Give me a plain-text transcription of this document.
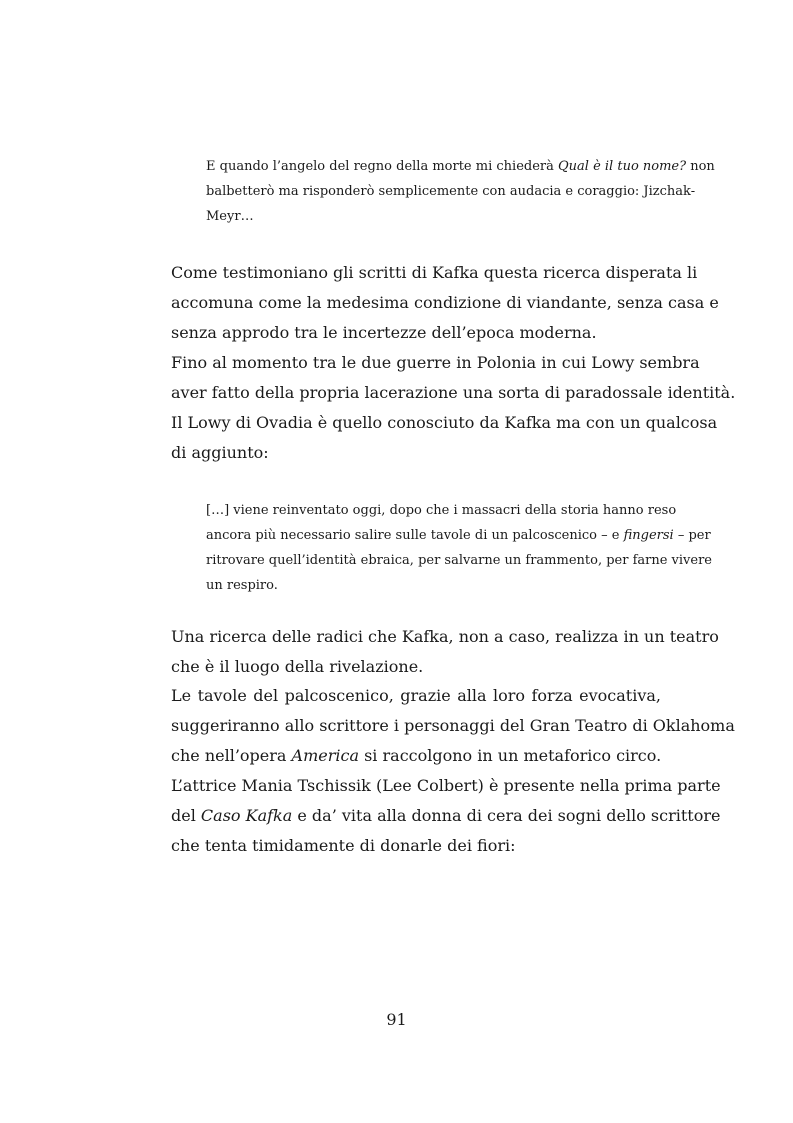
E quando l’angelo del regno della morte mi chiederà Qual è il tuo nome? non
balbetterò ma risponderò semplicemente con audacia e coraggio: Jizchak-
Meyr…
Come testimoniano gli scritti di Kafka questa ricerca disperata li
accomuna come la medesima condizione di viandante, senza casa e
senza approdo tra le incertezze dell’epoca moderna.
Fino al momento tra le due guerre in Polonia in cui Lowy sembra
aver fatto della propria lacerazione una sorta di paradossale identità.
Il Lowy di Ovadia è quello conosciuto da Kafka ma con un qualcosa
di aggiunto:
[…] viene reinventato oggi, dopo che i massacri della storia hanno reso
ancora più necessario salire sulle tavole di un palcoscenico – e fingersi – per
ritrovare quell’identità ebraica, per salvarne un frammento, per farne vivere
un respiro.
Una ricerca delle radici che Kafka, non a caso, realizza in un teatro
che è il luogo della rivelazione.
Le tavole del palcoscenico, grazie alla loro forza evocativa,
suggeriranno allo scrittore i personaggi del Gran Teatro di Oklahoma
che nell’opera America si raccolgono in un metaforico circo.
L’attrice Mania Tschissik (Lee Colbert) è presente nella prima parte
del Caso Kafka e da’ vita alla donna di cera dei sogni dello scrittore
che tenta timidamente di donarle dei fiori:
91
